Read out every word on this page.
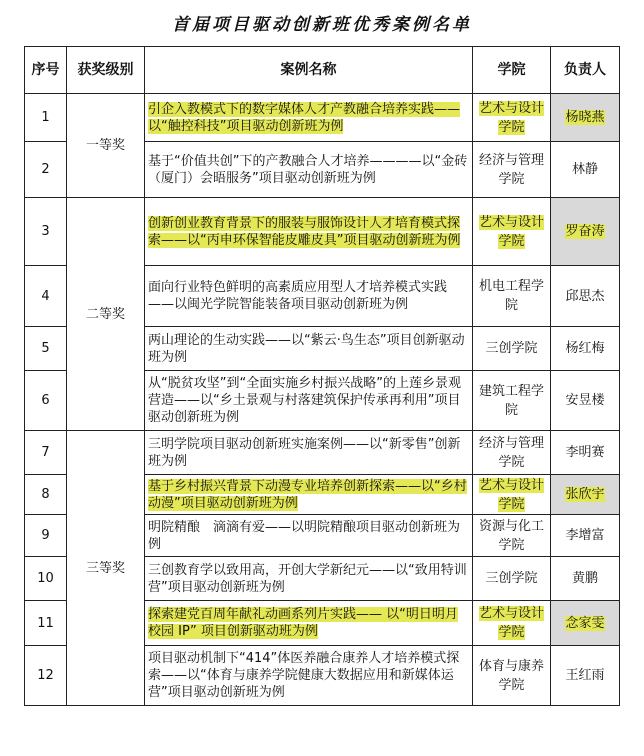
首届项目驱动创新班优秀案例名单
序号	获奖级别	案例名称	学院	负责人
1	一等奖	引企入教模式下的数字媒体人才产教融合培养实践——以“触控科技”项目驱动创新班为例	艺术与设计学院	杨晓燕
2		基于“价值共创”下的产教融合人才培养————以“金砖（厦门）会晤服务”项目驱动创新班为例	经济与管理学院	林静
3	二等奖	创新创业教育背景下的服装与服饰设计人才培育模式探索——以“丙申环保智能皮雕皮具”项目驱动创新班为例	艺术与设计学院	罗奋涛
4		面向行业特色鲜明的高素质应用型人才培养模式实践——以闽光学院智能装备项目驱动创新班为例	机电工程学院	邱思杰
5		两山理论的生动实践——以“紫云·鸟生态”项目创新驱动班为例	三创学院	杨红梅
6		从“脱贫攻坚”到“全面实施乡村振兴战略”的上莲乡景观营造——以“乡土景观与村落建筑保护传承再利用”项目驱动创新班为例	建筑工程学院	安昱楼
7	三等奖	三明学院项目驱动创新班实施案例——以“新零售”创新班为例	经济与管理学院	李明赛
8		基于乡村振兴背景下动漫专业培养创新探索——以“乡村动漫”项目驱动创新班为例	艺术与设计学院	张欣宇
9		明院精酿　滴滴有爱——以明院精酿项目驱动创新班为例	资源与化工学院	李增富
10		三创教育学以致用高，开创大学新纪元——以“致用特训营”项目驱动创新班为例	三创学院	黄鹏
11		探索建党百周年献礼动画系列片实践—— 以“明日明月校园 IP” 项目创新驱动班为例	艺术与设计学院	念家雯
12		项目驱动机制下“414”体医养融合康养人才培养模式探索——以“体育与康养学院健康大数据应用和新媒体运营”项目驱动创新班为例	体育与康养学院	王红雨
